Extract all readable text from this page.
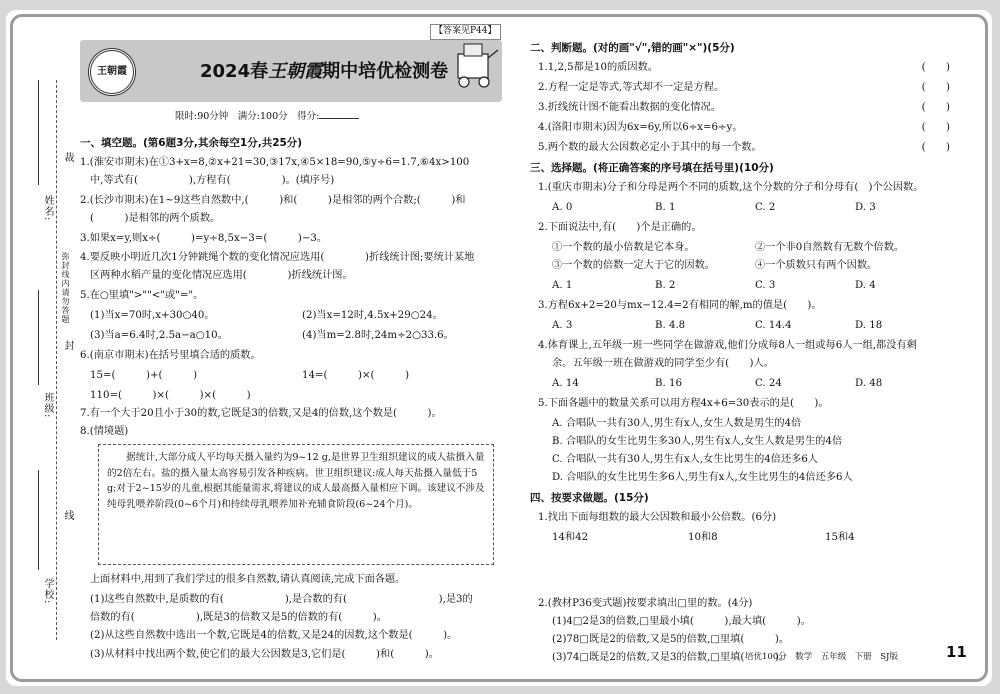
姓名:
裁
弥封线内请勿答题
封
班级:
线
学校:
【答案见P44】
王朝霞	2024春王朝霞期中培优检测卷
限时:90分钟　满分:100分　得分:
一、填空题。(第6题3分,其余每空1分,共25分)
1.(淮安市期末)在①3+x=8,②x+21=30,③17x,④5×18=90,⑤y÷6=1.7,⑥4x>100
中,等式有(　　　　　),方程有(　　　　　)。(填序号)
2.(长沙市期末)在1~9这些自然数中,(　　　)和(　　　)是相邻的两个合数;(　　　)和
(　　　)是相邻的两个质数。
3.如果x=y,则x÷(　　　)=y÷8,5x−3=(　　　)−3。
4.要反映小明近几次1分钟跳绳个数的变化情况应选用(　　　　)折线统计图;要统计某地
区两种水稻产量的变化情况应选用(　　　　)折线统计图。
5.在○里填">""<"或"="。
(1)当x=70时,x+30○40。	(2)当x=12时,4.5x+29○24。
(3)当a=6.4时,2.5a−a○10。	(4)当m=2.8时,24m÷2○33.6。
6.(南京市期末)在括号里填合适的质数。
15=(　　　)+(　　　)	14=(　　　)×(　　　)
110=(　　　)×(　　　)×(　　　)
7.有一个大于20且小于30的数,它既是3的倍数,又是4的倍数,这个数是(　　　)。
8.(情境题)
　　据统计,大部分成人平均每天摄入量约为9~12 g,是世界卫生组织建议的成人盐摄入量的2倍左右。盐的摄入量太高容易引发各种疾病。世卫组织建议:成人每天盐摄入量低于5 g;对于2~15岁的儿童,根据其能量需求,将建议的成人最高摄入量相应下调。该建议不涉及纯母乳喂养阶段(0~6个月)和持续母乳喂养加补充辅食阶段(6~24个月)。
上面材料中,用到了我们学过的很多自然数,请认真阅读,完成下面各题。
(1)这些自然数中,是质数的有(　　　　　　),是合数的有(　　　　　　　　　),是3的
倍数的有(　　　　　　),既是3的倍数又是5的倍数的有(　　　)。
(2)从这些自然数中选出一个数,它既是4的倍数,又是24的因数,这个数是(　　　)。
(3)从材料中找出两个数,使它们的最大公因数是3,它们是(　　　)和(　　　)。
二、判断题。(对的画"√",错的画"×")(5分)
1.1,2,5都是10的质因数。	(　　)
2.方程一定是等式,等式却不一定是方程。	(　　)
3.折线统计图不能看出数据的变化情况。	(　　)
4.(洛阳市期末)因为6x=6y,所以6÷x=6÷y。	(　　)
5.两个数的最大公因数必定小于其中的每一个数。	(　　)
三、选择题。(将正确答案的序号填在括号里)(10分)
1.(重庆市期末)分子和分母是两个不同的质数,这个分数的分子和分母有(　)个公因数。
A. 0	B. 1	C. 2	D. 3
2.下面说法中,有(　　)个是正确的。
①一个数的最小倍数是它本身。	②一个非0自然数有无数个倍数。
③一个数的倍数一定大于它的因数。	④一个质数只有两个因数。
A. 1	B. 2	C. 3	D. 4
3.方程6x+2=20与mx−12.4=2有相同的解,m的值是(　　)。
A. 3	B. 4.8	C. 14.4	D. 18
4.体育课上,五年级一班一些同学在做游戏,他们分成每8人一组或每6人一组,都没有剩
余。五年级一班在做游戏的同学至少有(　　)人。
A. 14	B. 16	C. 24	D. 48
5.下面各题中的数量关系可以用方程4x+6=30表示的是(　　)。
A. 合唱队一共有30人,男生有x人,女生人数是男生的4倍
B. 合唱队的女生比男生多30人,男生有x人,女生人数是男生的4倍
C. 合唱队一共有30人,男生有x人,女生比男生的4倍还多6人
D. 合唱队的女生比男生多6人,男生有x人,女生比男生的4倍还多6人
四、按要求做题。(15分)
1.找出下面每组数的最大公因数和最小公倍数。(6分)
14和42	10和8	15和4
2.(教材P36变式题)按要求填出□里的数。(4分)
(1)4□2是3的倍数,□里最小填(　　　),最大填(　　　)。
(2)78□既是2的倍数,又是5的倍数,□里填(　　　)。
(3)74□既是2的倍数,又是3的倍数,□里填(　　　)。
培优100分　数学　五年级　下册　SJ版	11
